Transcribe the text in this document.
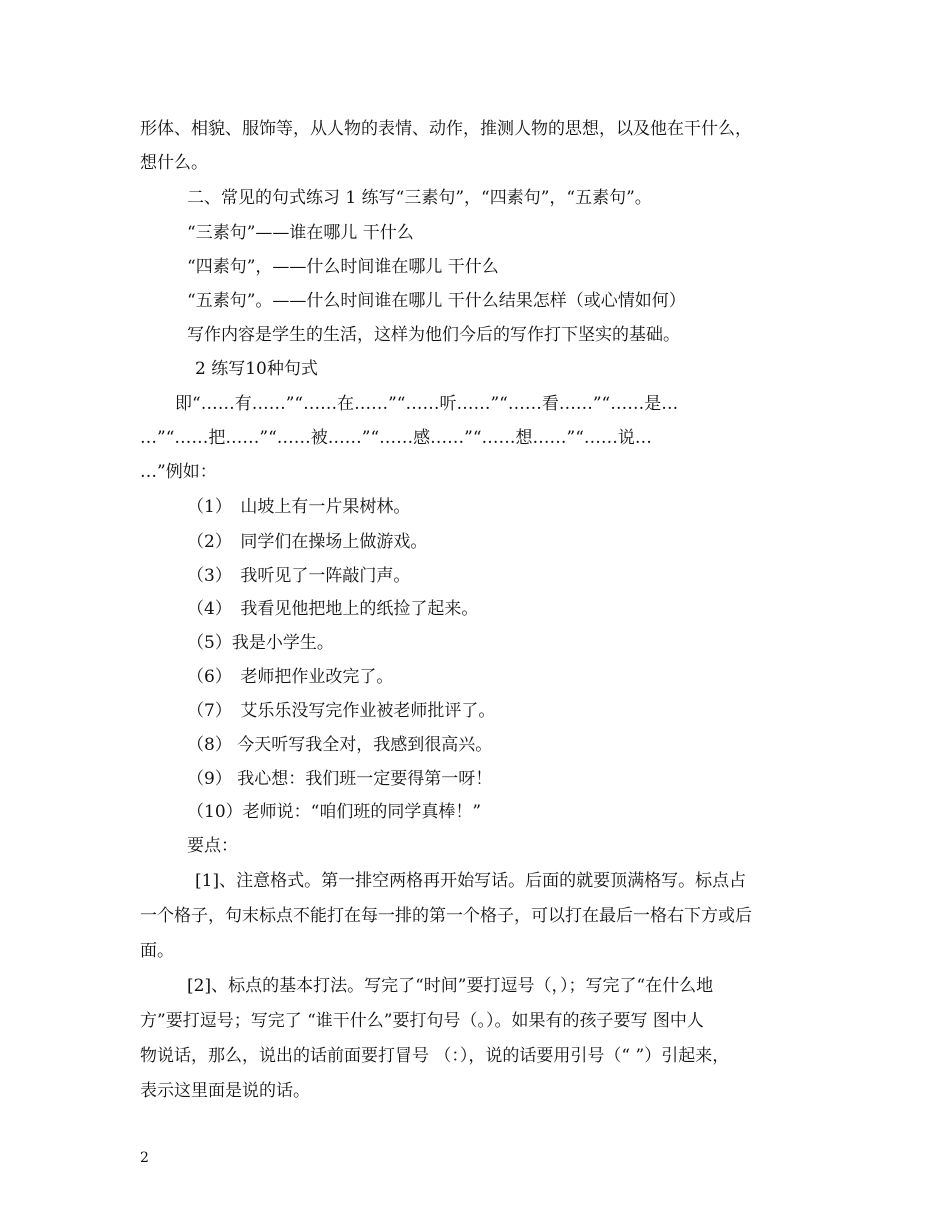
形体、相貌、服饰等，从人物的表情、动作，推测人物的思想，以及他在干什么，
想什么。
二、常见的句式练习 1 练写“三素句”，“四素句”，“五素句”。
“三素句”——谁在哪儿 干什么
“四素句”，——什么时间谁在哪儿 干什么
“五素句”。——什么时间谁在哪儿 干什么结果怎样（或心情如何）
写作内容是学生的生活，这样为他们今后的写作打下坚实的基础。
2 练写10种句式
即“……有……”“……在……”“……听……”“……看……”“……是…
…”“……把……”“……被……”“……感……”“……想……”“……说…
…”例如：
（1）　山坡上有一片果树林。
（2）　同学们在操场上做游戏。
（3）　我听见了一阵敲门声。
（4）　我看见他把地上的纸捡了起来。
（5）我是小学生。
（6）　老师把作业改完了。
（7）　艾乐乐没写完作业被老师批评了。
（8） 今天听写我全对，我感到很高兴。
（9） 我心想：我们班一定要得第一呀！
（10）老师说：“咱们班的同学真棒！”
要点：
[1]、注意格式。第一排空两格再开始写话。后面的就要顶满格写。标点占
一个格子，句末标点不能打在每一排的第一个格子，可以打在最后一格右下方或后
面。
[2]、标点的基本打法。写完了“时间”要打逗号（，）；写完了“在什么地
方”要打逗号；写完了 “谁干什么”要打句号（。）。如果有的孩子要写 图中人
物说话，那么，说出的话前面要打冒号 （：），说的话要用引号（“ ”）引起来，
表示这里面是说的话。
2
